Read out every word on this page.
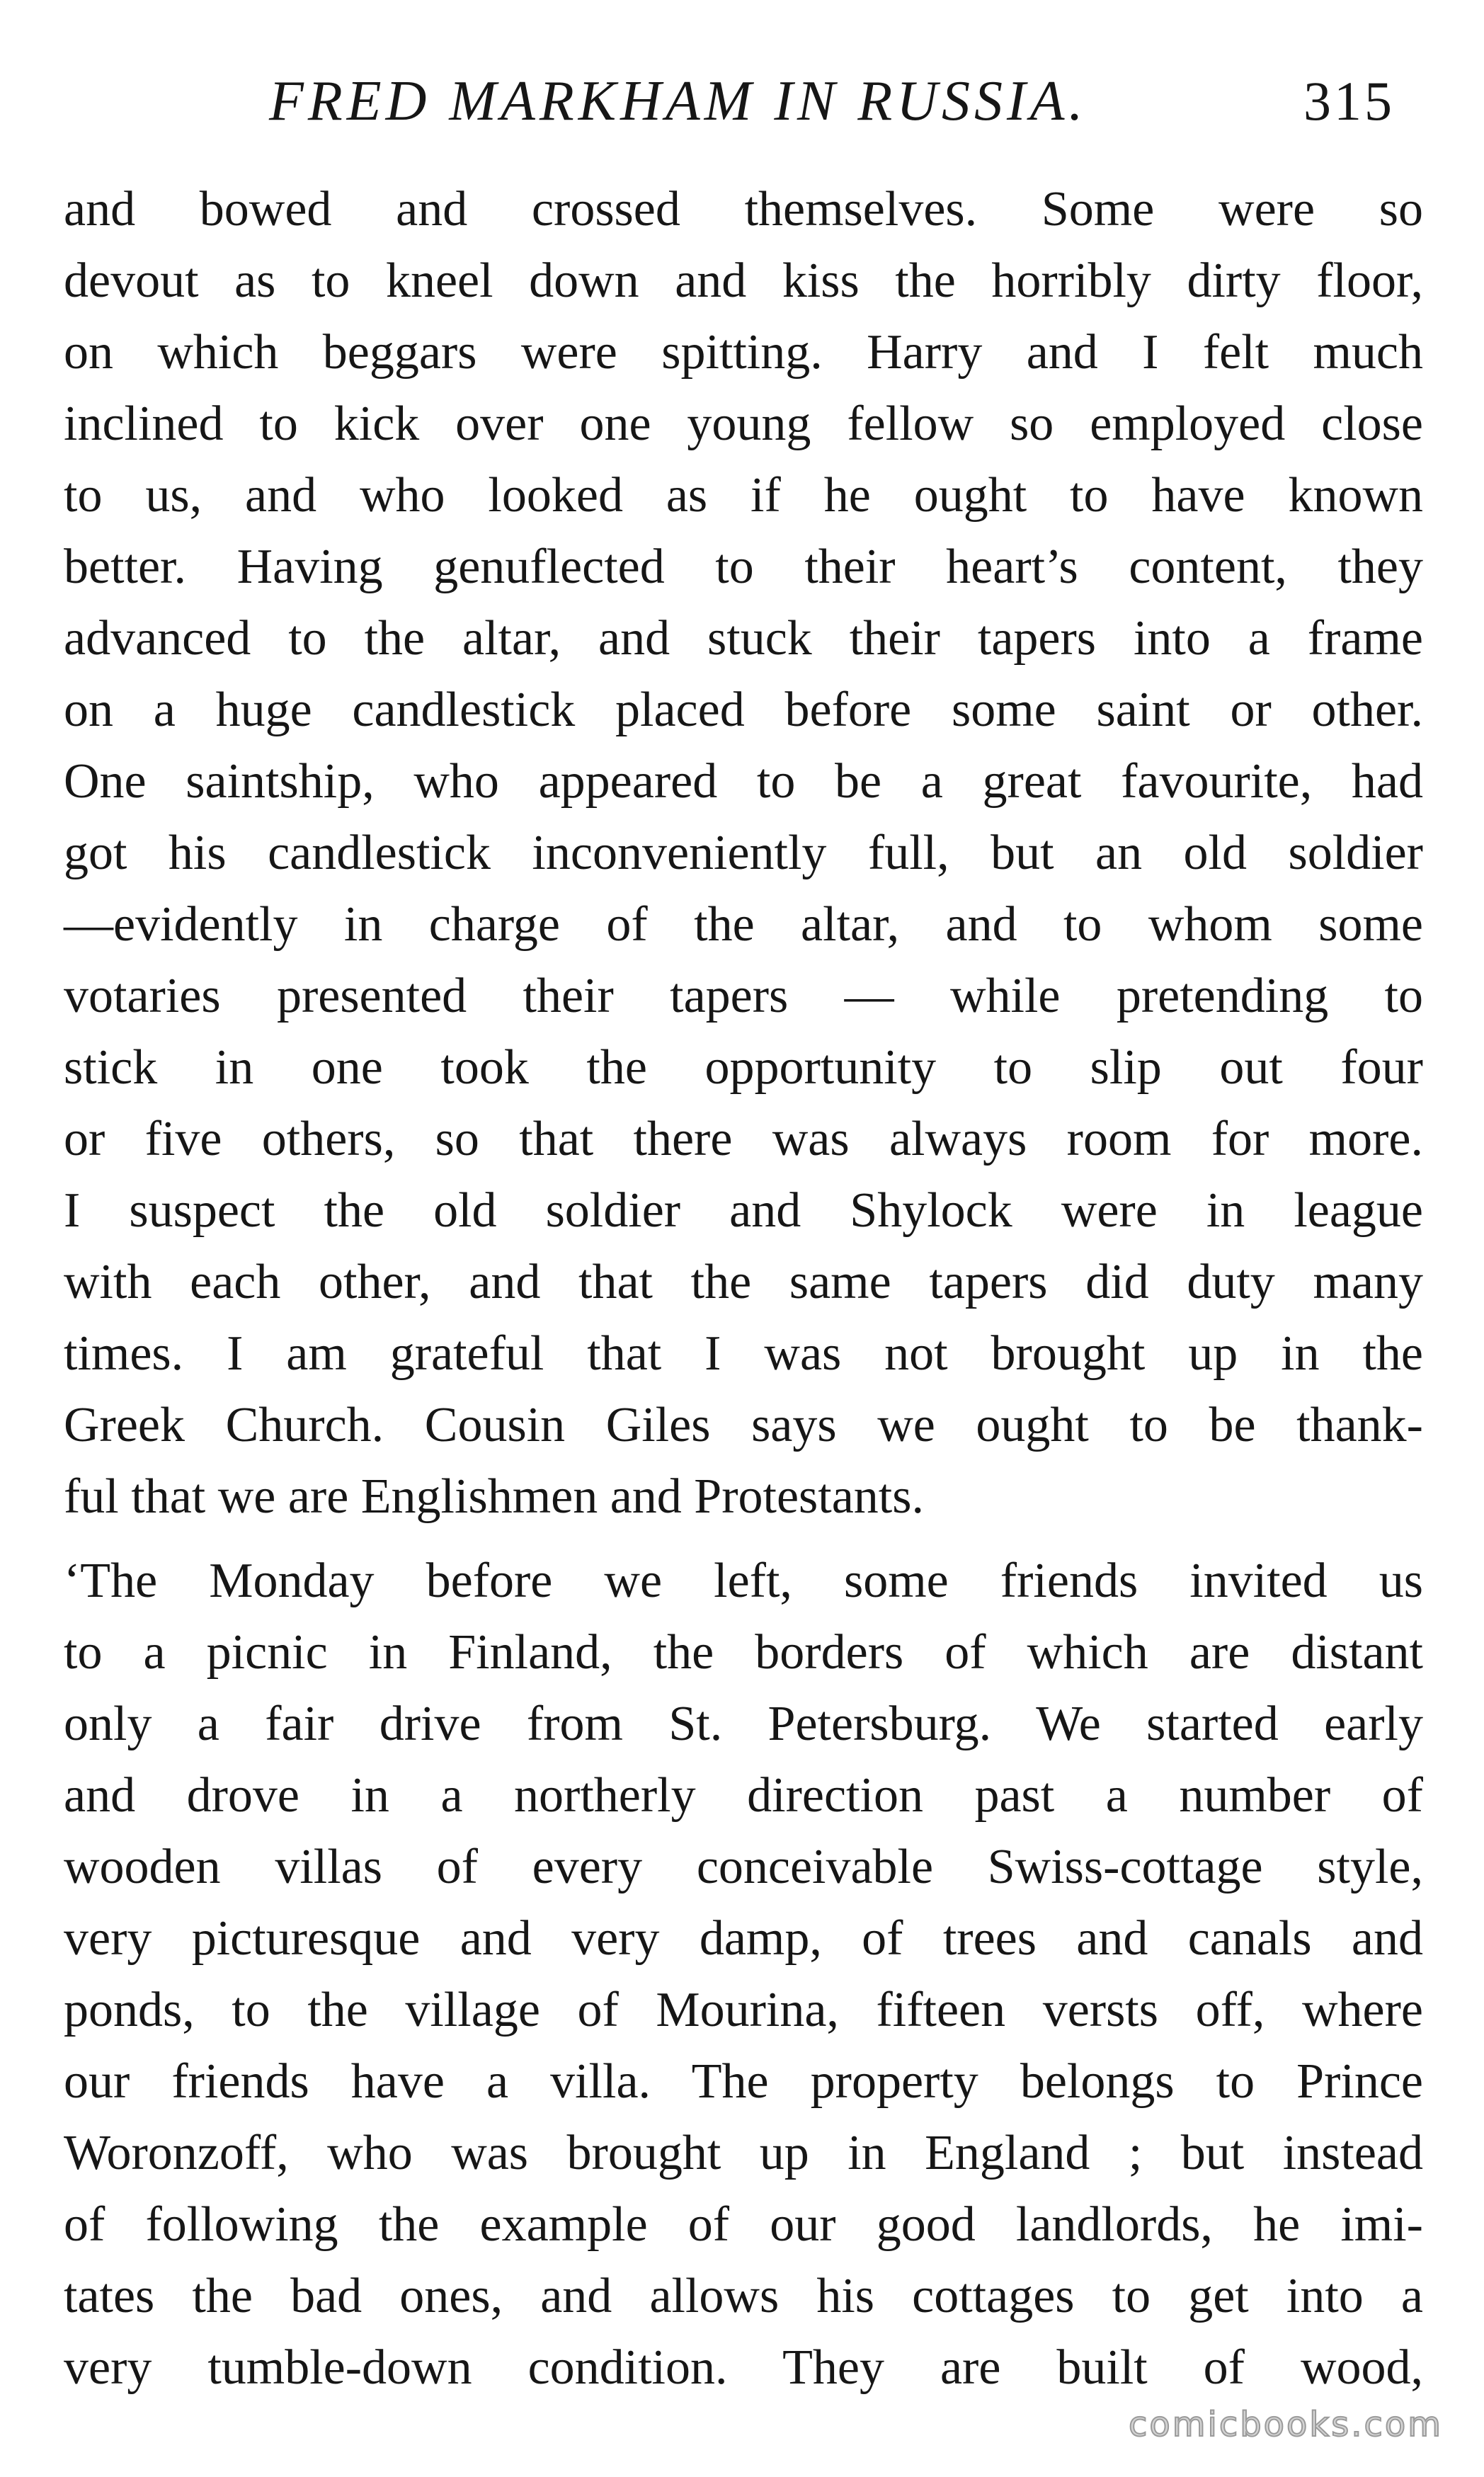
FRED MARKHAM IN RUSSIA.	315
and bowed and crossed themselves. Some were so
devout as to kneel down and kiss the horribly dirty floor,
on which beggars were spitting. Harry and I felt much
inclined to kick over one young fellow so employed close
to us, and who looked as if he ought to have known
better. Having genuflected to their heart’s content, they
advanced to the altar, and stuck their tapers into a frame
on a huge candlestick placed before some saint or other.
One saintship, who appeared to be a great favourite, had
got his candlestick inconveniently full, but an old soldier
—evidently in charge of the altar, and to whom some
votaries presented their tapers — while pretending to
stick in one took the opportunity to slip out four
or five others, so that there was always room for more.
I suspect the old soldier and Shylock were in league
with each other, and that the same tapers did duty many
times. I am grateful that I was not brought up in the
Greek Church. Cousin Giles says we ought to be thank-
ful that we are Englishmen and Protestants.
‘The Monday before we left, some friends invited us
to a picnic in Finland, the borders of which are distant
only a fair drive from St. Petersburg. We started early
and drove in a northerly direction past a number of
wooden villas of every conceivable Swiss-cottage style,
very picturesque and very damp, of trees and canals and
ponds, to the village of Mourina, fifteen versts off, where
our friends have a villa. The property belongs to Prince
Woronzoff, who was brought up in England ; but instead
of following the example of our good landlords, he imi-
tates the bad ones, and allows his cottages to get into a
very tumble-down condition. They are built of wood,
comicbooks.com
